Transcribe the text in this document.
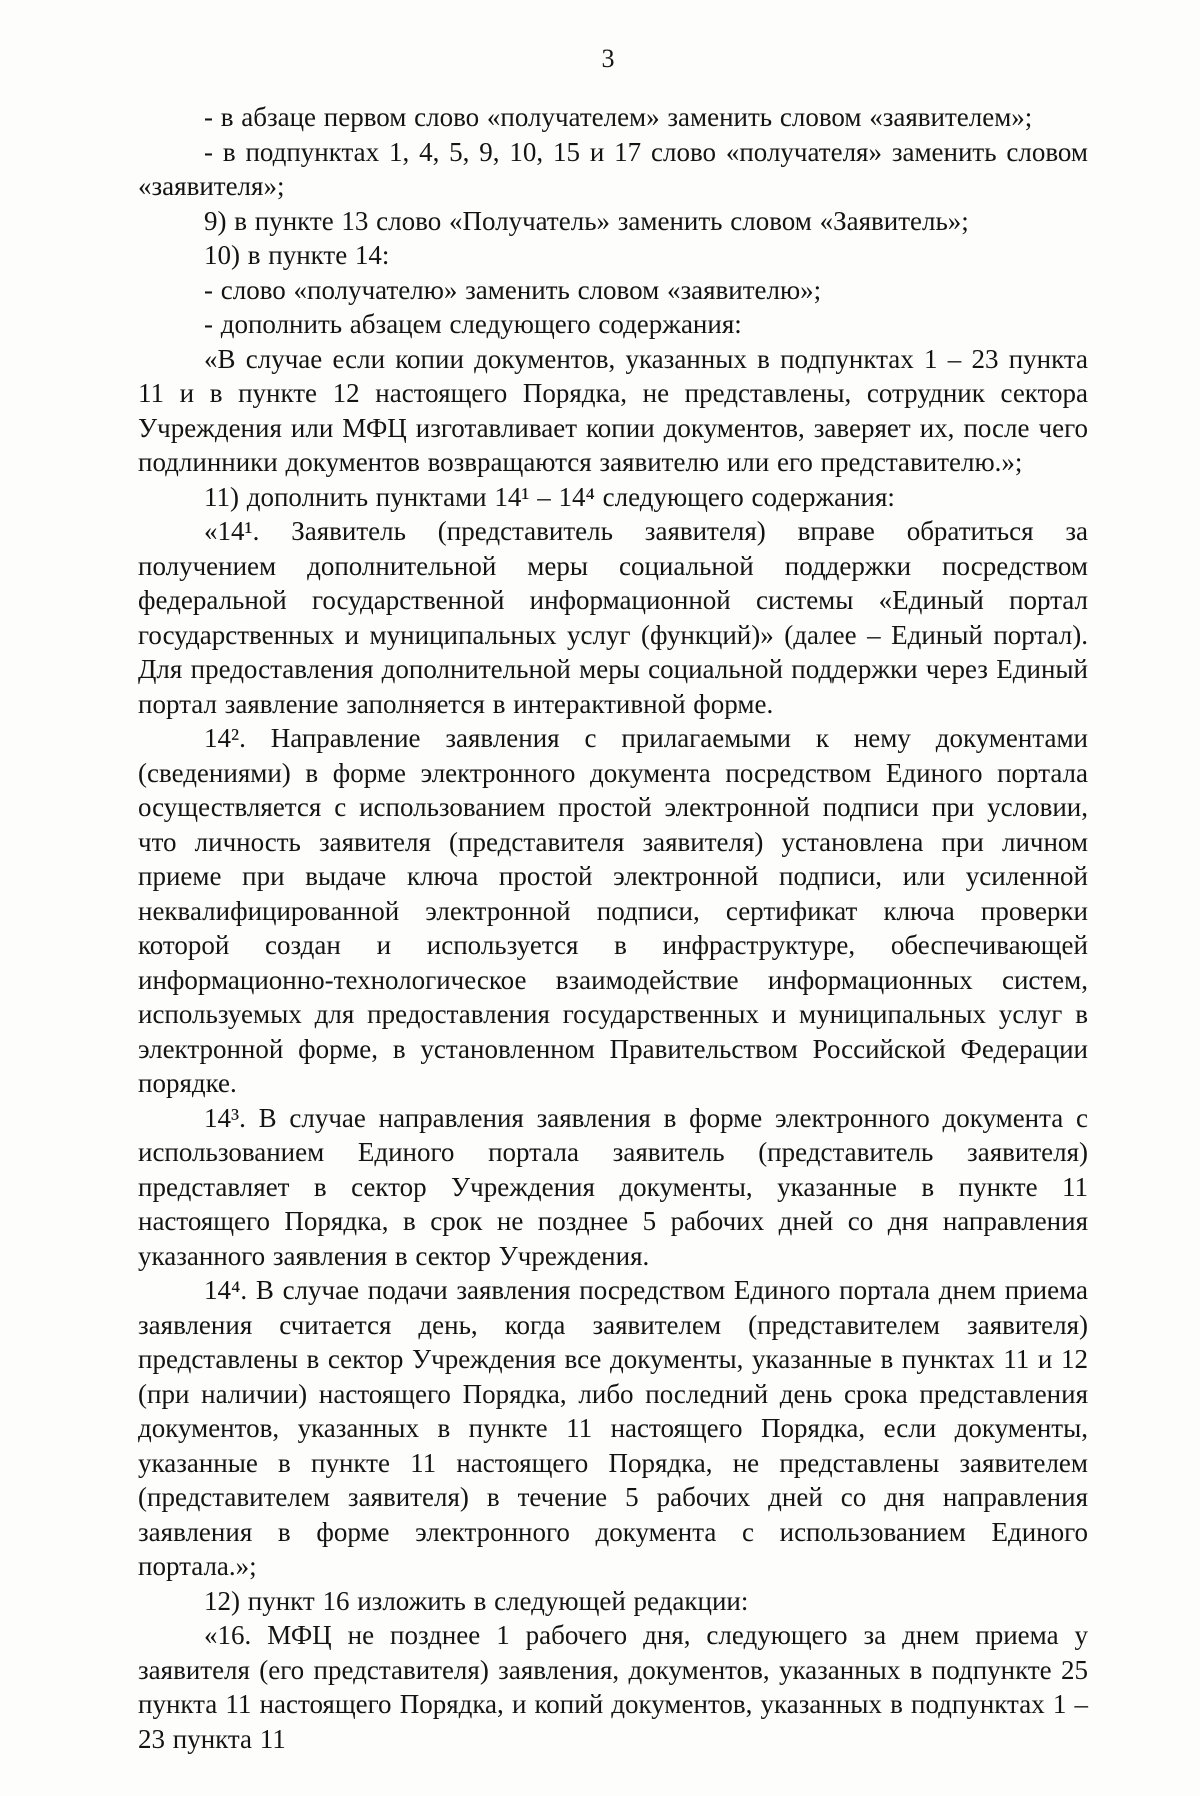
3

- в абзаце первом слово «получателем» заменить словом «заявителем»;

- в подпунктах 1, 4, 5, 9, 10, 15 и 17 слово «получателя» заменить словом «заявителя»;

9) в пункте 13 слово «Получатель» заменить словом «Заявитель»;

10) в пункте 14:

- слово «получателю» заменить словом «заявителю»;

- дополнить абзацем следующего содержания:

«В случае если копии документов, указанных в подпунктах 1 – 23 пункта 11 и в пункте 12 настоящего Порядка, не представлены, сотрудник сектора Учреждения или МФЦ изготавливает копии документов, заверяет их, после чего подлинники документов возвращаются заявителю или его представителю.»;

11) дополнить пунктами 14¹ – 14⁴ следующего содержания:

«14¹. Заявитель (представитель заявителя) вправе обратиться за получением дополнительной меры социальной поддержки посредством федеральной государственной информационной системы «Единый портал государственных и муниципальных услуг (функций)» (далее – Единый портал). Для предоставления дополнительной меры социальной поддержки через Единый портал заявление заполняется в интерактивной форме.

14². Направление заявления с прилагаемыми к нему документами (сведениями) в форме электронного документа посредством Единого портала осуществляется с использованием простой электронной подписи при условии, что личность заявителя (представителя заявителя) установлена при личном приеме при выдаче ключа простой электронной подписи, или усиленной неквалифицированной электронной подписи, сертификат ключа проверки которой создан и используется в инфраструктуре, обеспечивающей информационно-технологическое взаимодействие информационных систем, используемых для предоставления государственных и муниципальных услуг в электронной форме, в установленном Правительством Российской Федерации порядке.

14³. В случае направления заявления в форме электронного документа с использованием Единого портала заявитель (представитель заявителя) представляет в сектор Учреждения документы, указанные в пункте 11 настоящего Порядка, в срок не позднее 5 рабочих дней со дня направления указанного заявления в сектор Учреждения.

14⁴. В случае подачи заявления посредством Единого портала днем приема заявления считается день, когда заявителем (представителем заявителя) представлены в сектор Учреждения все документы, указанные в пунктах 11 и 12 (при наличии) настоящего Порядка, либо последний день срока представления документов, указанных в пункте 11 настоящего Порядка, если документы, указанные в пункте 11 настоящего Порядка, не представлены заявителем (представителем заявителя) в течение 5 рабочих дней со дня направления заявления в форме электронного документа с использованием Единого портала.»;

12) пункт 16 изложить в следующей редакции:

«16. МФЦ не позднее 1 рабочего дня, следующего за днем приема у заявителя (его представителя) заявления, документов, указанных в подпункте 25 пункта 11 настоящего Порядка, и копий документов, указанных в подпунктах 1 – 23 пункта 11
